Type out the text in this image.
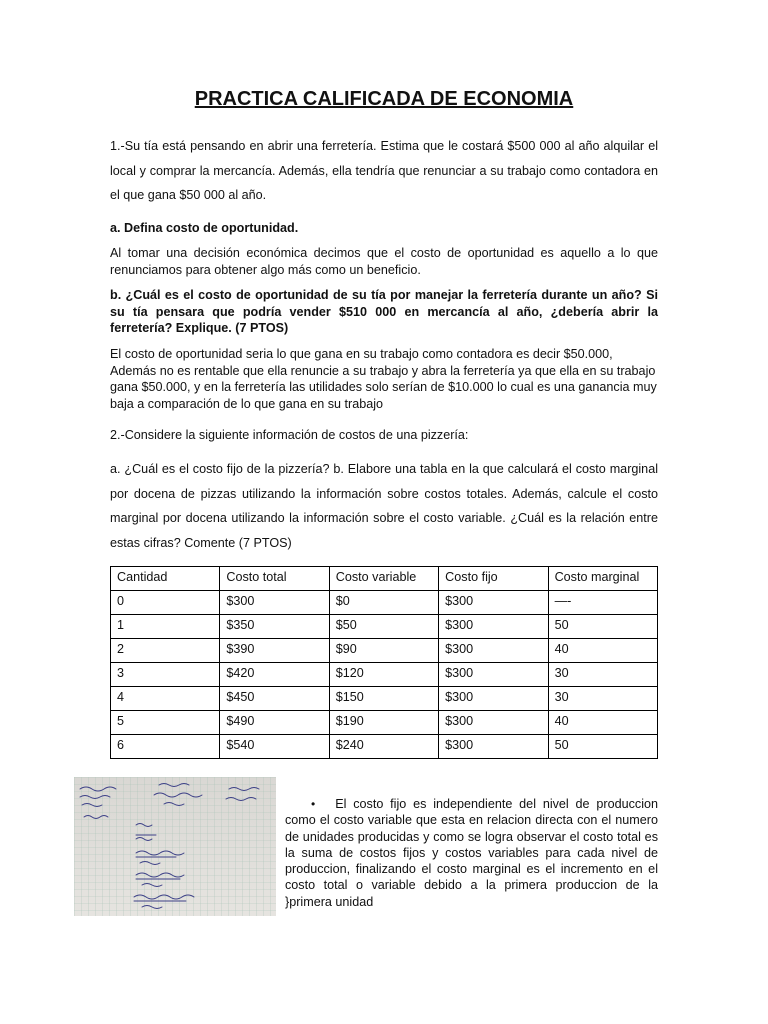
PRACTICA CALIFICADA DE ECONOMIA

1.-Su tía está pensando en abrir una ferretería. Estima que le costará $500 000 al año alquilar el local y comprar la mercancía. Además, ella tendría que renunciar a su trabajo como contadora en el que gana $50 000 al año.

a. Defina costo de oportunidad.

Al tomar una decisión económica decimos que el costo de oportunidad es aquello a lo que renunciamos para obtener algo más como un beneficio.

b. ¿Cuál es el costo de oportunidad de su tía por manejar la ferretería durante un año? Si su tía pensara que podría vender $510 000 en mercancía al año, ¿debería abrir la ferretería? Explique. (7 PTOS)

El costo de oportunidad seria lo que gana en su trabajo como contadora es decir $50.000, Además no es rentable que ella renuncie a su trabajo y abra la ferretería ya que ella en su trabajo gana $50.000, y en la ferretería las utilidades solo serían de $10.000 lo cual es una ganancia muy baja a comparación de lo que gana en su trabajo

2.-Considere la siguiente información de costos de una pizzería:

a. ¿Cuál es el costo fijo de la pizzería? b. Elabore una tabla en la que calculará el costo marginal por docena de pizzas utilizando la información sobre costos totales. Además, calcule el costo marginal por docena utilizando la información sobre el costo variable. ¿Cuál es la relación entre estas cifras? Comente (7 PTOS)

Cantidad	Costo total	Costo variable	Costo fijo	Costo marginal
0	$300	$0	$300	—-
1	$350	$50	$300	50
2	$390	$90	$300	40
3	$420	$120	$300	30
4	$450	$150	$300	30
5	$490	$190	$300	40
6	$540	$240	$300	50
• El costo fijo es independiente del nivel de produccion como el costo variable que esta en relacion directa con el numero de unidades producidas y como se logra observar el costo total es la suma de costos fijos y costos variables para cada nivel de produccion, finalizando el costo marginal es el incremento en el costo total o variable debido a la primera produccion de la }primera unidad
